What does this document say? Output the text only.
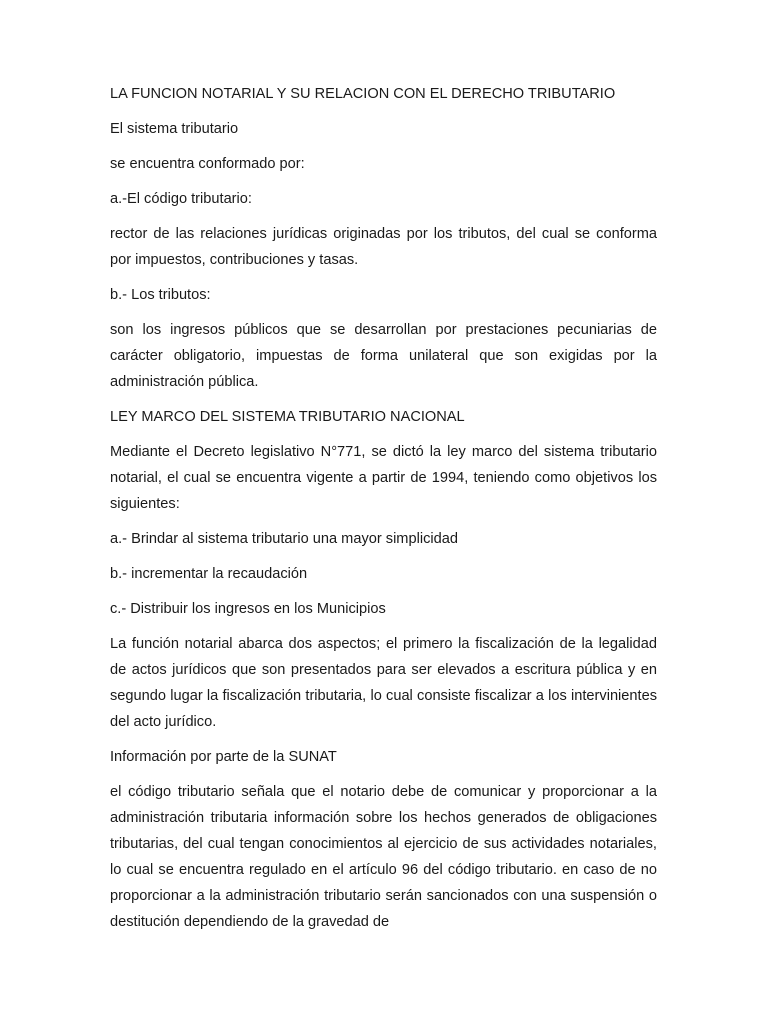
LA FUNCION NOTARIAL Y SU RELACION CON EL DERECHO TRIBUTARIO
El sistema tributario
se encuentra conformado por:
a.-El código tributario:
rector de las relaciones jurídicas originadas por los tributos, del cual se conforma por impuestos, contribuciones y tasas.
b.- Los tributos:
son los ingresos públicos que se desarrollan por prestaciones pecuniarias de carácter obligatorio, impuestas de forma unilateral que son exigidas por la administración pública.
LEY MARCO DEL SISTEMA TRIBUTARIO NACIONAL
Mediante el Decreto legislativo N°771, se dictó la ley marco del sistema tributario notarial, el cual se encuentra vigente a partir de 1994, teniendo como objetivos los siguientes:
a.- Brindar al sistema tributario una mayor simplicidad
b.- incrementar la recaudación
c.- Distribuir los ingresos en los Municipios
La función notarial abarca dos aspectos; el primero la fiscalización de la legalidad de actos jurídicos que son presentados para ser elevados a escritura pública y en segundo lugar la fiscalización tributaria, lo cual consiste fiscalizar a los intervinientes del acto jurídico.
Información por parte de la SUNAT
el código tributario señala que el notario debe de comunicar y proporcionar a la administración tributaria información sobre los hechos generados de obligaciones tributarias, del cual tengan conocimientos al ejercicio de sus actividades notariales, lo cual se encuentra regulado en el artículo 96 del código tributario. en caso de no proporcionar a la administración tributario serán sancionados con una suspensión o destitución dependiendo de la gravedad de
